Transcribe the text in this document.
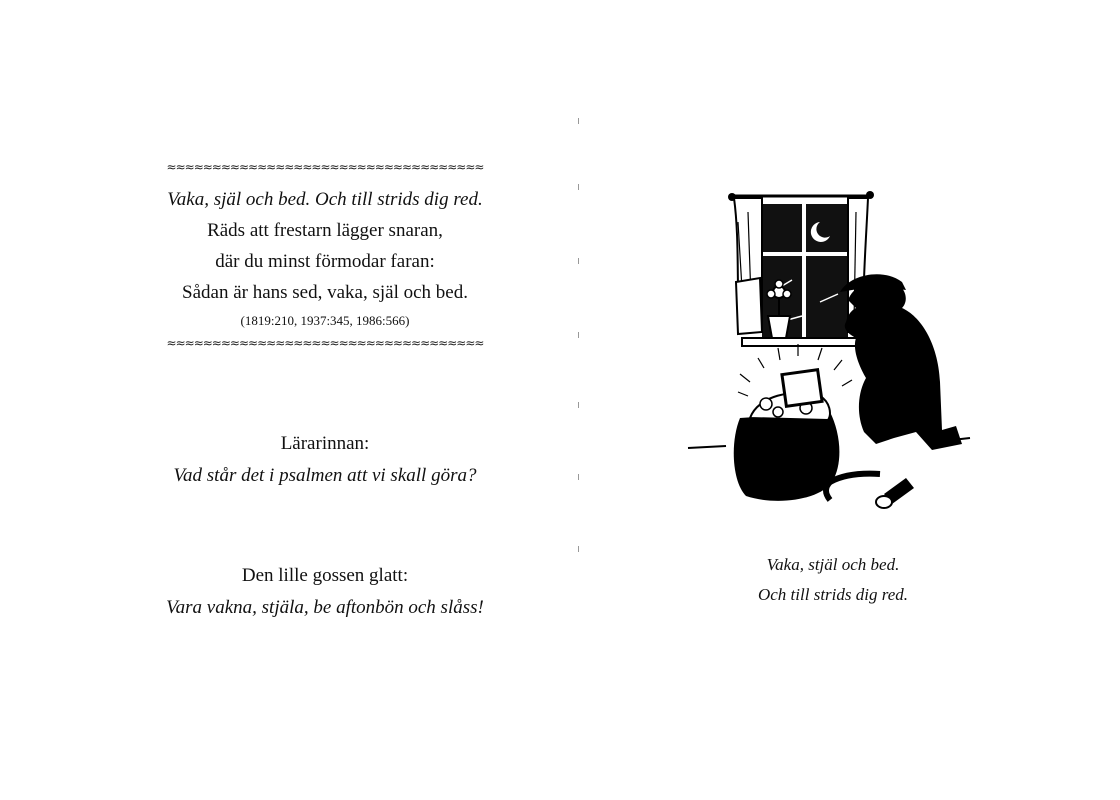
≈≈≈≈≈≈≈≈≈≈≈≈≈≈≈≈≈≈≈≈≈≈≈≈≈≈≈≈≈≈≈≈≈≈≈
Vaka, själ och bed. Och till strids dig red.
Räds att frestarn lägger snaran,
där du minst förmodar faran:
Sådan är hans sed, vaka, själ och bed.
(1819:210, 1937:345, 1986:566)
≈≈≈≈≈≈≈≈≈≈≈≈≈≈≈≈≈≈≈≈≈≈≈≈≈≈≈≈≈≈≈≈≈≈≈
Lärarinnan:
Vad står det i psalmen att vi skall göra?
Den lille gossen glatt:
Vara vakna, stjäla, be aftonbön och slåss!
Vaka, stjäl och bed.
Och till strids dig red.
